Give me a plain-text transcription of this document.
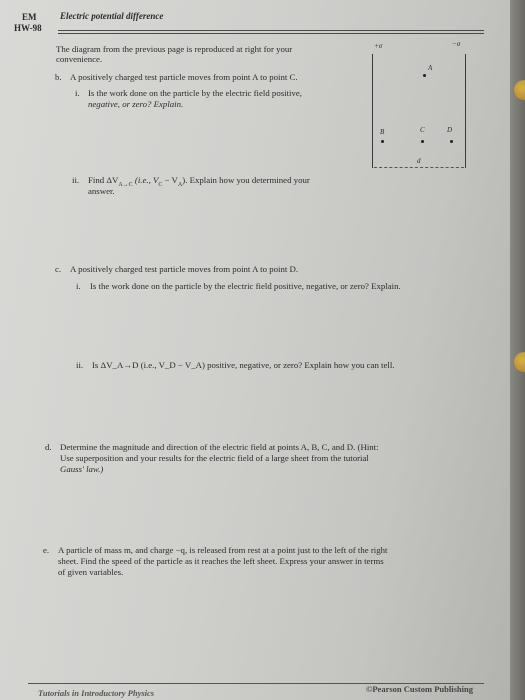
EM	Electric potential difference
HW-98
The diagram from the previous page is reproduced at right for your
convenience.
b. A positively charged test particle moves from point A to point C.
i. Is the work done on the particle by the electric field positive,
negative, or zero? Explain.
ii. Find $\Delta V_{A\to C}$ (i.e., $V_C - V_A$). Explain how you determined your
answer.
+σ	−σ
A
B	C	D
d
c. A positively charged test particle moves from point A to point D.
i. Is the work done on the particle by the electric field positive, negative, or zero? Explain.
ii. Is ΔV_A→D (i.e., V_D − V_A) positive, negative, or zero? Explain how you can tell.
d. Determine the magnitude and direction of the electric field at points A, B, C, and D. (Hint:
Use superposition and your results for the electric field of a large sheet from the tutorial
Gauss' law.)
e. A particle of mass m, and charge −q, is released from rest at a point just to the left of the right
sheet. Find the speed of the particle as it reaches the left sheet. Express your answer in terms
of given variables.
Tutorials in Introductory Physics	©Pearson Custom Publishing
